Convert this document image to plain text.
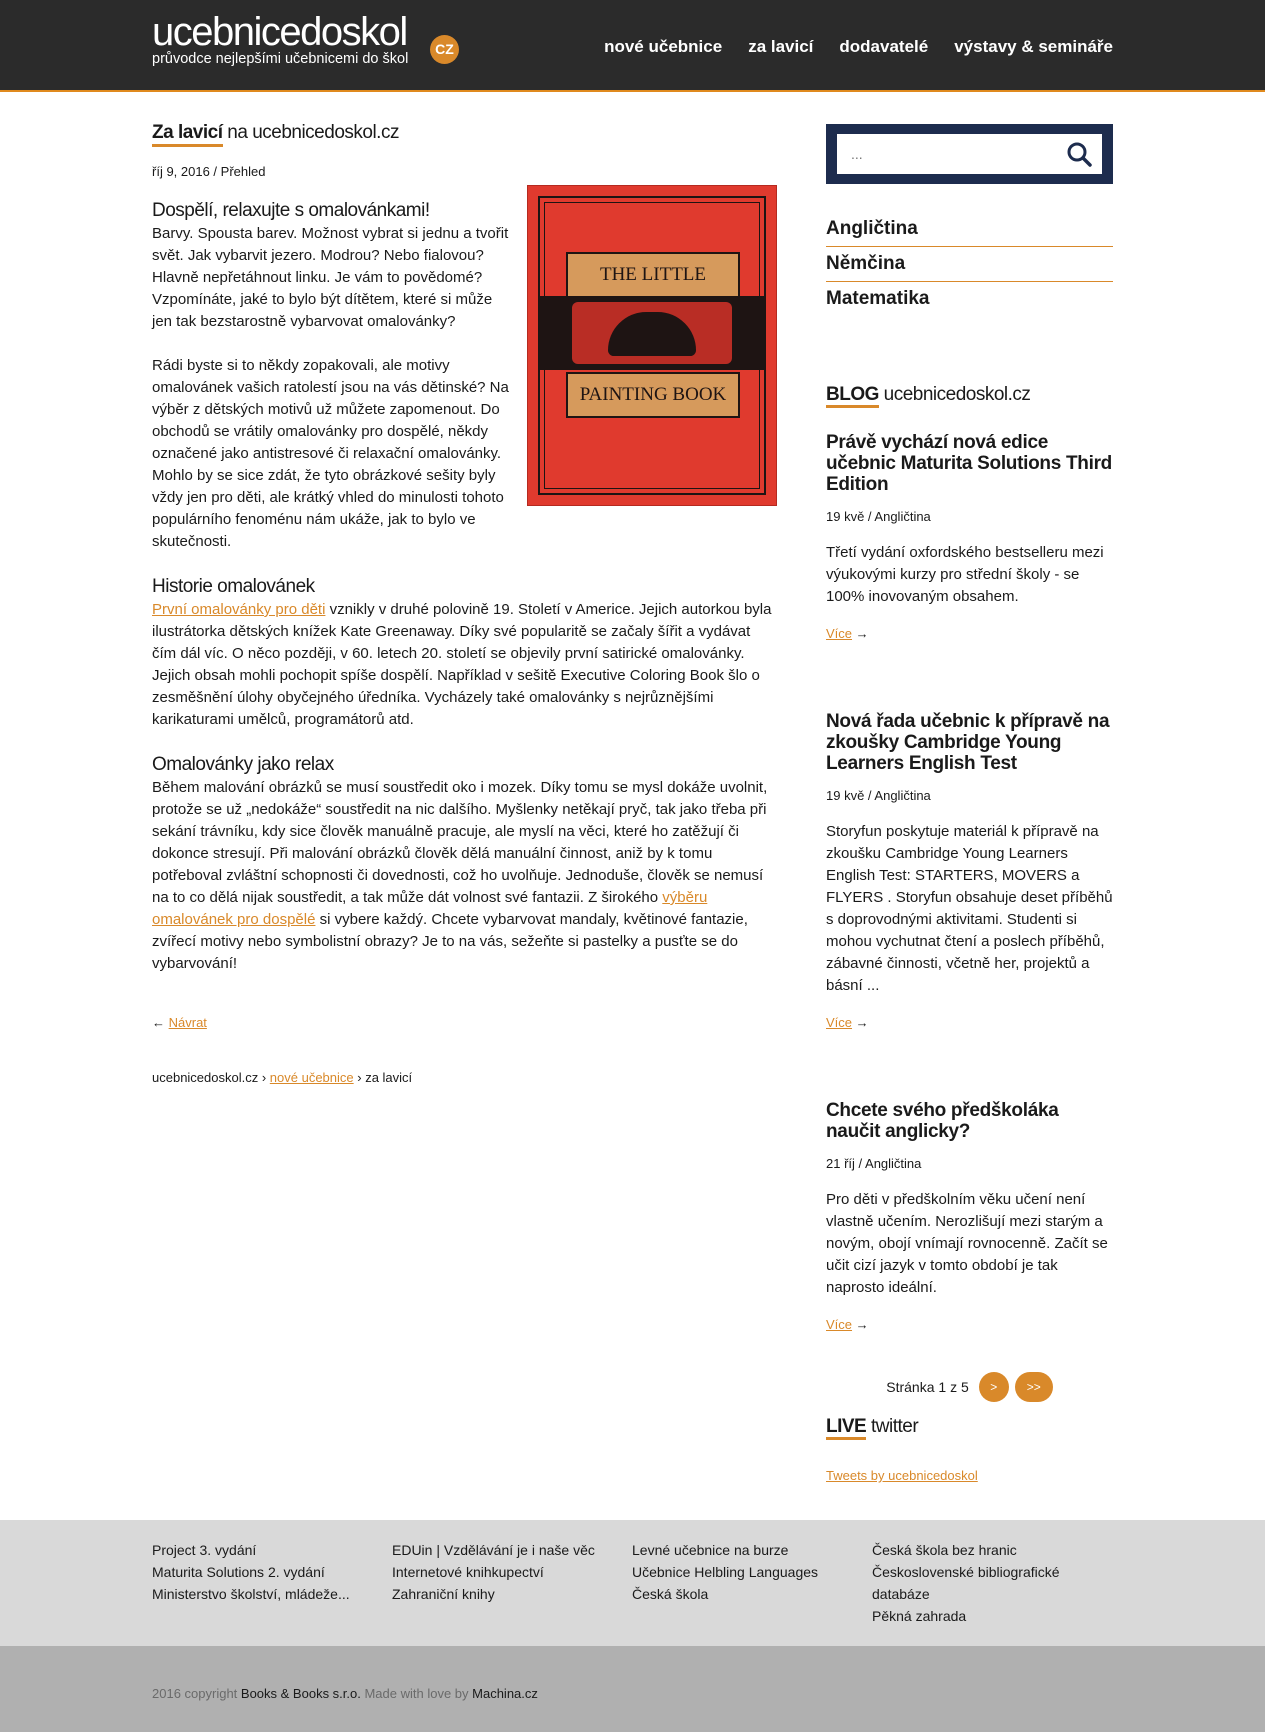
ucebnicedoskol
průvodce nejlepšími učebnicemi do škol
CZ	nové učebnice za lavicí dodavatelé výstavy & semináře
Za lavicí na ucebnicedoskol.cz
říj 9, 2016 / Přehled
THE LITTLE
PAINTING BOOK
Dospělí, relaxujte s omalovánkami!

Barvy. Spousta barev. Možnost vybrat si jednu a tvořit svět. Jak vybarvit jezero. Modrou? Nebo fialovou? Hlavně nepřetáhnout linku. Je vám to povědomé? Vzpomínáte, jaké to bylo být dítětem, které si může jen tak bezstarostně vybarvovat omalovánky?

Rádi byste si to někdy zopakovali, ale motivy omalovánek vašich ratolestí jsou na vás dětinské? Na výběr z dětských motivů už můžete zapomenout. Do obchodů se vrátily omalovánky pro dospělé, někdy označené jako antistresové či relaxační omalovánky. Mohlo by se sice zdát, že tyto obrázkové sešity byly vždy jen pro děti, ale krátký vhled do minulosti tohoto populárního fenoménu nám ukáže, jak to bylo ve skutečnosti.

Historie omalovánek

První omalovánky pro děti vznikly v druhé polovině 19. Století v Americe. Jejich autorkou byla ilustrátorka dětských knížek Kate Greenaway. Díky své popularitě se začaly šířit a vydávat čím dál víc. O něco později, v 60. letech 20. století se objevily první satirické omalovánky. Jejich obsah mohli pochopit spíše dospělí. Například v sešitě Executive Coloring Book šlo o zesměšnění úlohy obyčejného úředníka. Vycházely také omalovánky s nejrůznějšími karikaturami umělců, programátorů atd.

Omalovánky jako relax

Během malování obrázků se musí soustředit oko i mozek. Díky tomu se mysl dokáže uvolnit, protože se už „nedokáže“ soustředit na nic dalšího. Myšlenky netěkají pryč, tak jako třeba při sekání trávníku, kdy sice člověk manuálně pracuje, ale myslí na věci, které ho zatěžují či dokonce stresují. Při malování obrázků člověk dělá manuální činnost, aniž by k tomu potřeboval zvláštní schopnosti či dovednosti, což ho uvolňuje. Jednoduše, člověk se nemusí na to co dělá nijak soustředit, a tak může dát volnost své fantazii. Z širokého výběru omalovánek pro dospělé si vybere každý. Chcete vybarvovat mandaly, květinové fantazie, zvířecí motivy nebo symbolistní obrazy? Je to na vás, sežeňte si pastelky a pusťte se do vybarvování!

← Návrat
ucebnicedoskol.cz › nové učebnice › za lavicí
...
Angličtina
Němčina
Matematika
BLOG ucebnicedoskol.cz
Právě vychází nová edice učebnic Maturita Solutions Third Edition
19 kvě / Angličtina
Třetí vydání oxfordského bestselleru mezi výukovými kurzy pro střední školy - se 100% inovovaným obsahem.
Více →
Nová řada učebnic k přípravě na zkoušky Cambridge Young Learners English Test
19 kvě / Angličtina
Storyfun poskytuje materiál k přípravě na zkoušku Cambridge Young Learners English Test: STARTERS, MOVERS a FLYERS . Storyfun obsahuje deset příběhů s doprovodnými aktivitami. Studenti si mohou vychutnat čtení a poslech příběhů, zábavné činnosti, včetně her, projektů a básní ...
Více →
Chcete svého předškoláka naučit anglicky?
21 říj / Angličtina
Pro děti v předškolním věku učení není vlastně učením. Nerozlišují mezi starým a novým, obojí vnímají rovnocenně. Začít se učit cizí jazyk v tomto období je tak naprosto ideální.
Více →
Stránka 1 z 5	>	>>
LIVE twitter
Tweets by ucebnicedoskol
Project 3. vydání
Maturita Solutions 2. vydání
Ministerstvo školství, mládeže...
EDUin | Vzdělávání je i naše věc
Internetové knihkupectví
Zahraniční knihy
Levné učebnice na burze
Učebnice Helbling Languages
Česká škola
Česká škola bez hranic
Československé bibliografické databáze
Pěkná zahrada
2016 copyright Books & Books s.r.o. Made with love by Machina.cz
